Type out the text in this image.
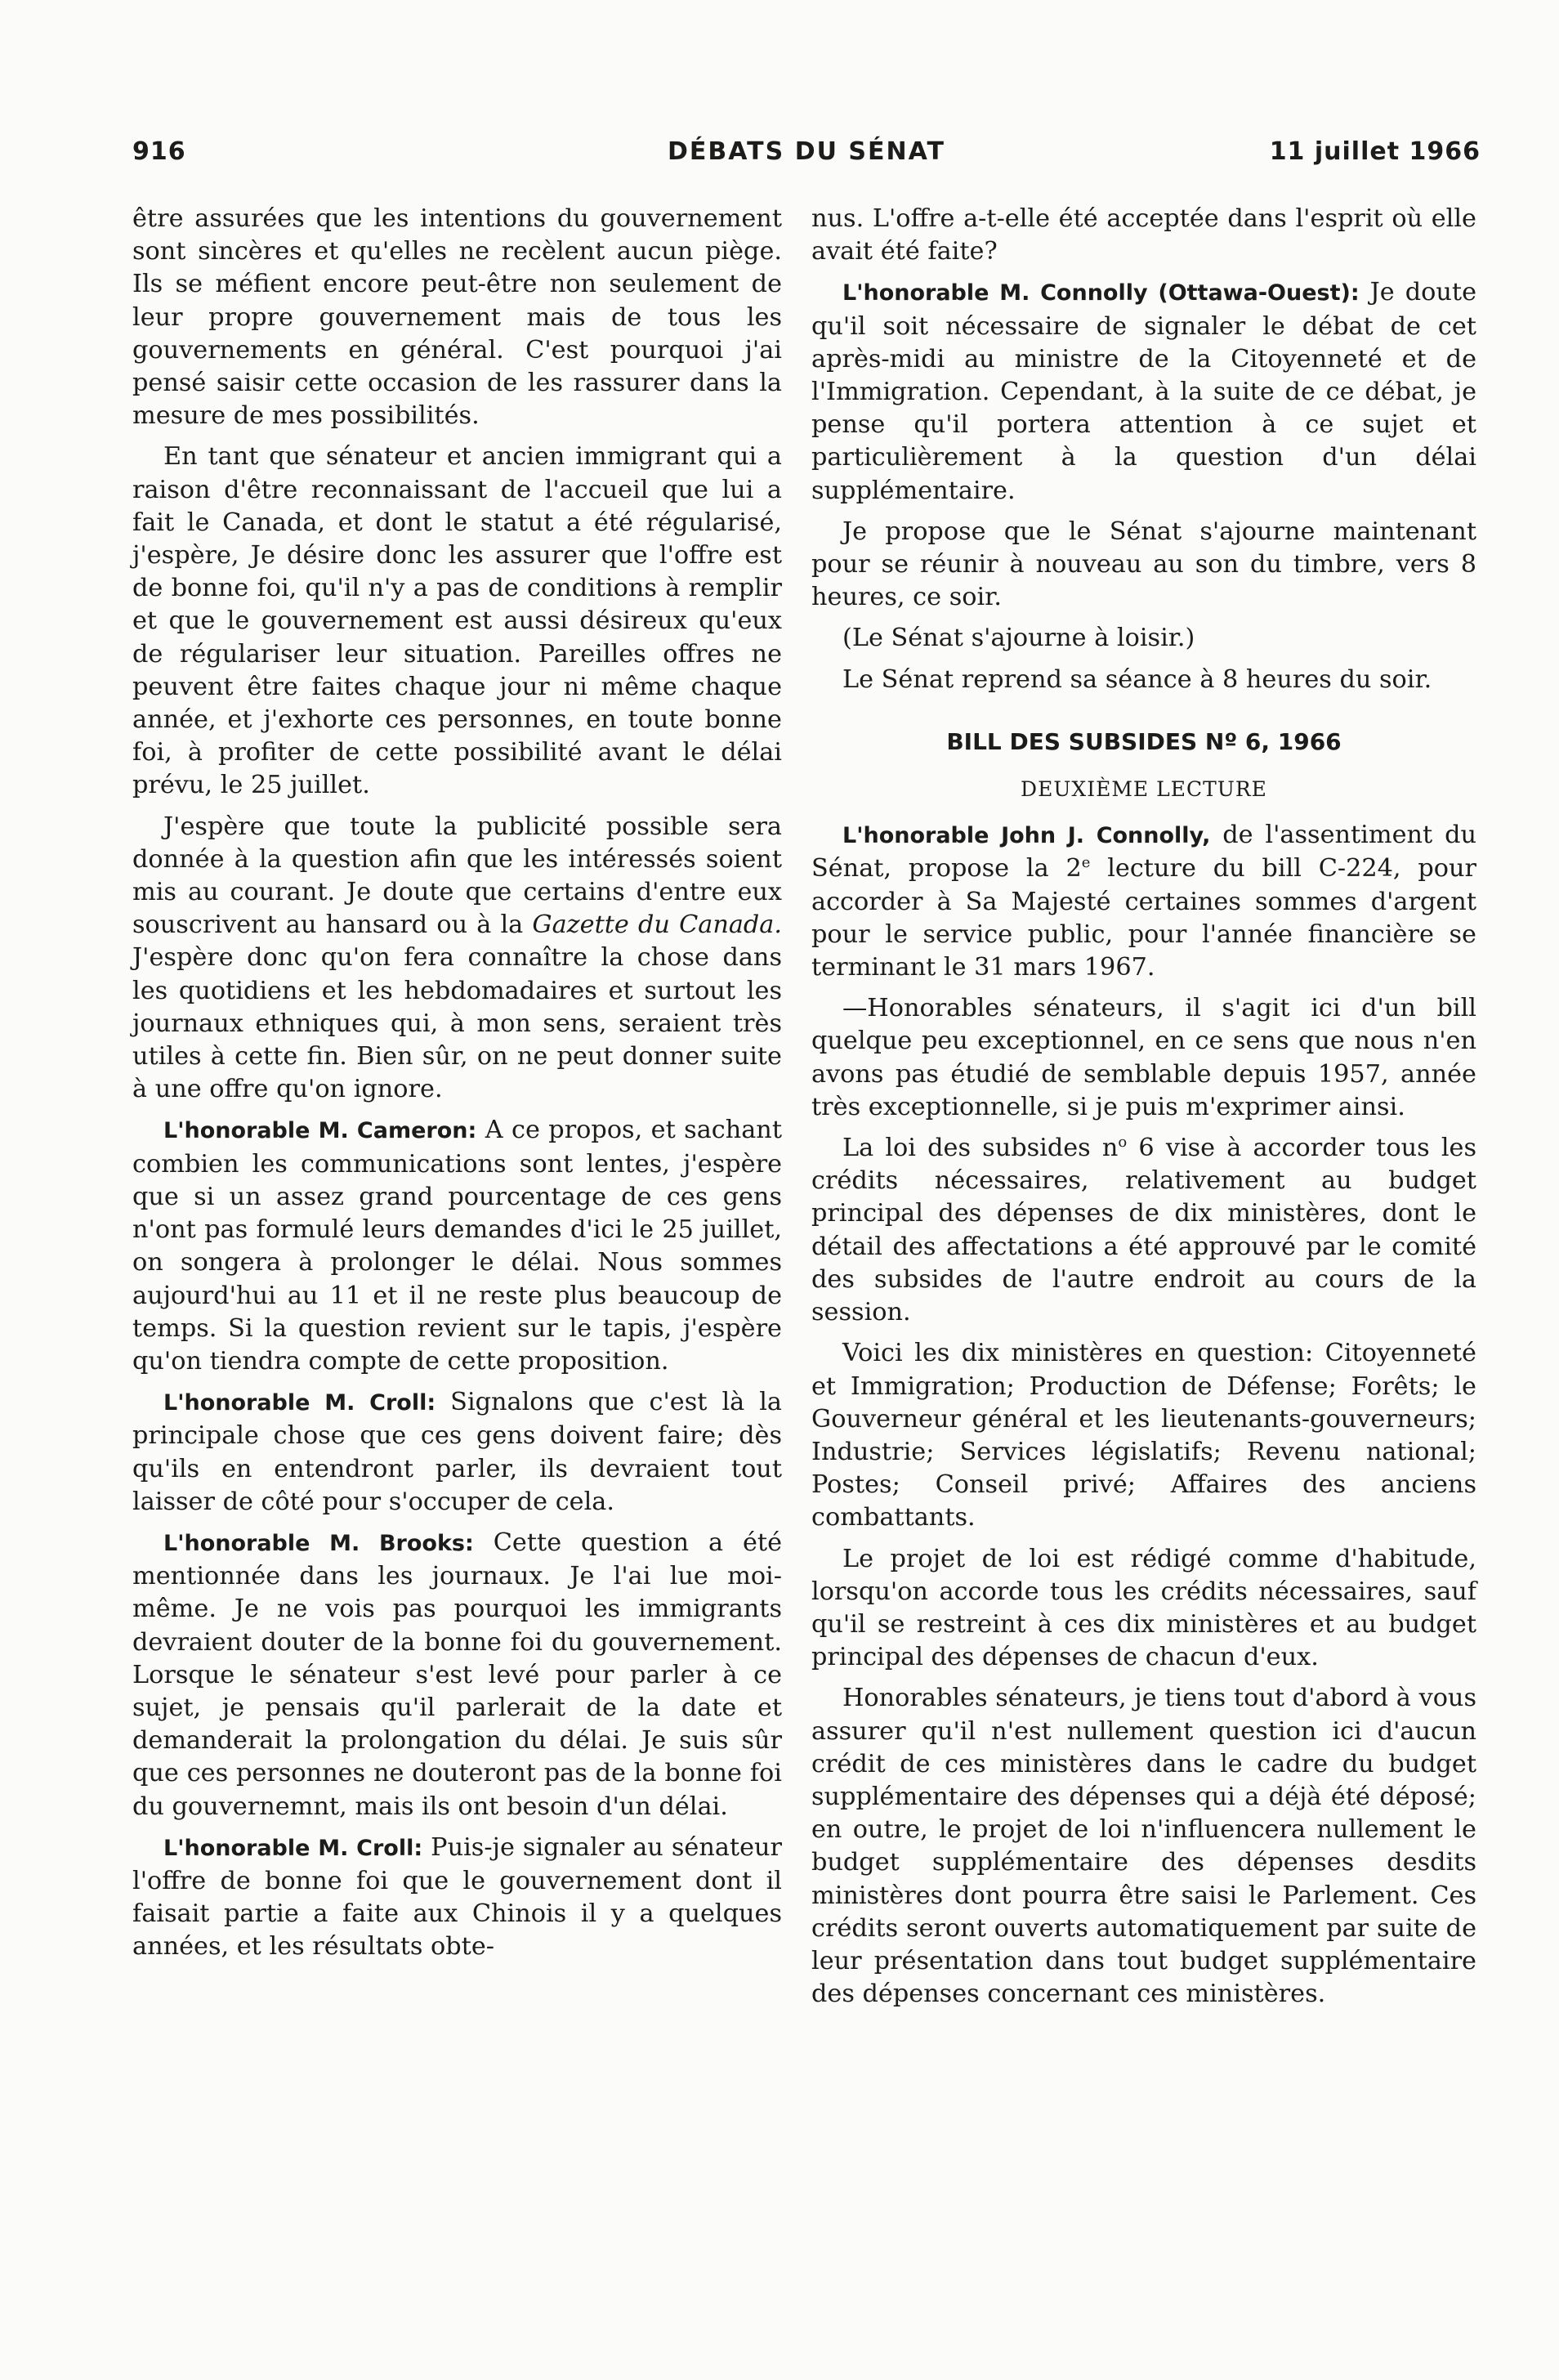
916	DÉBATS DU SÉNAT	11 juillet 1966

être assurées que les intentions du gouvernement sont sincères et qu'elles ne recèlent aucun piège. Ils se méfient encore peut-être non seulement de leur propre gouvernement mais de tous les gouvernements en général. C'est pourquoi j'ai pensé saisir cette occasion de les rassurer dans la mesure de mes possibilités.

En tant que sénateur et ancien immigrant qui a raison d'être reconnaissant de l'accueil que lui a fait le Canada, et dont le statut a été régularisé, j'espère, Je désire donc les assurer que l'offre est de bonne foi, qu'il n'y a pas de conditions à remplir et que le gouvernement est aussi désireux qu'eux de régulariser leur situation. Pareilles offres ne peuvent être faites chaque jour ni même chaque année, et j'exhorte ces personnes, en toute bonne foi, à profiter de cette possibilité avant le délai prévu, le 25 juillet.

J'espère que toute la publicité possible sera donnée à la question afin que les intéressés soient mis au courant. Je doute que certains d'entre eux souscrivent au hansard ou à la Gazette du Canada. J'espère donc qu'on fera connaître la chose dans les quotidiens et les hebdomadaires et surtout les journaux ethniques qui, à mon sens, seraient très utiles à cette fin. Bien sûr, on ne peut donner suite à une offre qu'on ignore.

L'honorable M. Cameron: A ce propos, et sachant combien les communications sont lentes, j'espère que si un assez grand pourcentage de ces gens n'ont pas formulé leurs demandes d'ici le 25 juillet, on songera à prolonger le délai. Nous sommes aujourd'hui au 11 et il ne reste plus beaucoup de temps. Si la question revient sur le tapis, j'espère qu'on tiendra compte de cette proposition.

L'honorable M. Croll: Signalons que c'est là la principale chose que ces gens doivent faire; dès qu'ils en entendront parler, ils devraient tout laisser de côté pour s'occuper de cela.

L'honorable M. Brooks: Cette question a été mentionnée dans les journaux. Je l'ai lue moi-même. Je ne vois pas pourquoi les immigrants devraient douter de la bonne foi du gouvernement. Lorsque le sénateur s'est levé pour parler à ce sujet, je pensais qu'il parlerait de la date et demanderait la prolongation du délai. Je suis sûr que ces personnes ne douteront pas de la bonne foi du gouvernemnt, mais ils ont besoin d'un délai.

L'honorable M. Croll: Puis-je signaler au sénateur l'offre de bonne foi que le gouvernement dont il faisait partie a faite aux Chinois il y a quelques années, et les résultats obte-

nus. L'offre a-t-elle été acceptée dans l'esprit où elle avait été faite?

L'honorable M. Connolly (Ottawa-Ouest): Je doute qu'il soit nécessaire de signaler le débat de cet après-midi au ministre de la Citoyenneté et de l'Immigration. Cependant, à la suite de ce débat, je pense qu'il portera attention à ce sujet et particulièrement à la question d'un délai supplémentaire.

Je propose que le Sénat s'ajourne maintenant pour se réunir à nouveau au son du timbre, vers 8 heures, ce soir.

(Le Sénat s'ajourne à loisir.)

Le Sénat reprend sa séance à 8 heures du soir.

BILL DES SUBSIDES Nº 6, 1966
DEUXIÈME LECTURE

L'honorable John J. Connolly, de l'assentiment du Sénat, propose la 2e lecture du bill C-224, pour accorder à Sa Majesté certaines sommes d'argent pour le service public, pour l'année financière se terminant le 31 mars 1967.

—Honorables sénateurs, il s'agit ici d'un bill quelque peu exceptionnel, en ce sens que nous n'en avons pas étudié de semblable depuis 1957, année très exceptionnelle, si je puis m'exprimer ainsi.

La loi des subsides $n^o$ 6 vise à accorder tous les crédits nécessaires, relativement au budget principal des dépenses de dix ministères, dont le détail des affectations a été approuvé par le comité des subsides de l'autre endroit au cours de la session.

Voici les dix ministères en question: Citoyenneté et Immigration; Production de Défense; Forêts; le Gouverneur général et les lieutenants-gouverneurs; Industrie; Services législatifs; Revenu national; Postes; Conseil privé; Affaires des anciens combattants.

Le projet de loi est rédigé comme d'habitude, lorsqu'on accorde tous les crédits nécessaires, sauf qu'il se restreint à ces dix ministères et au budget principal des dépenses de chacun d'eux.

Honorables sénateurs, je tiens tout d'abord à vous assurer qu'il n'est nullement question ici d'aucun crédit de ces ministères dans le cadre du budget supplémentaire des dépenses qui a déjà été déposé; en outre, le projet de loi n'influencera nullement le budget supplémentaire des dépenses desdits ministères dont pourra être saisi le Parlement. Ces crédits seront ouverts automatiquement par suite de leur présentation dans tout budget supplémentaire des dépenses concernant ces ministères.
